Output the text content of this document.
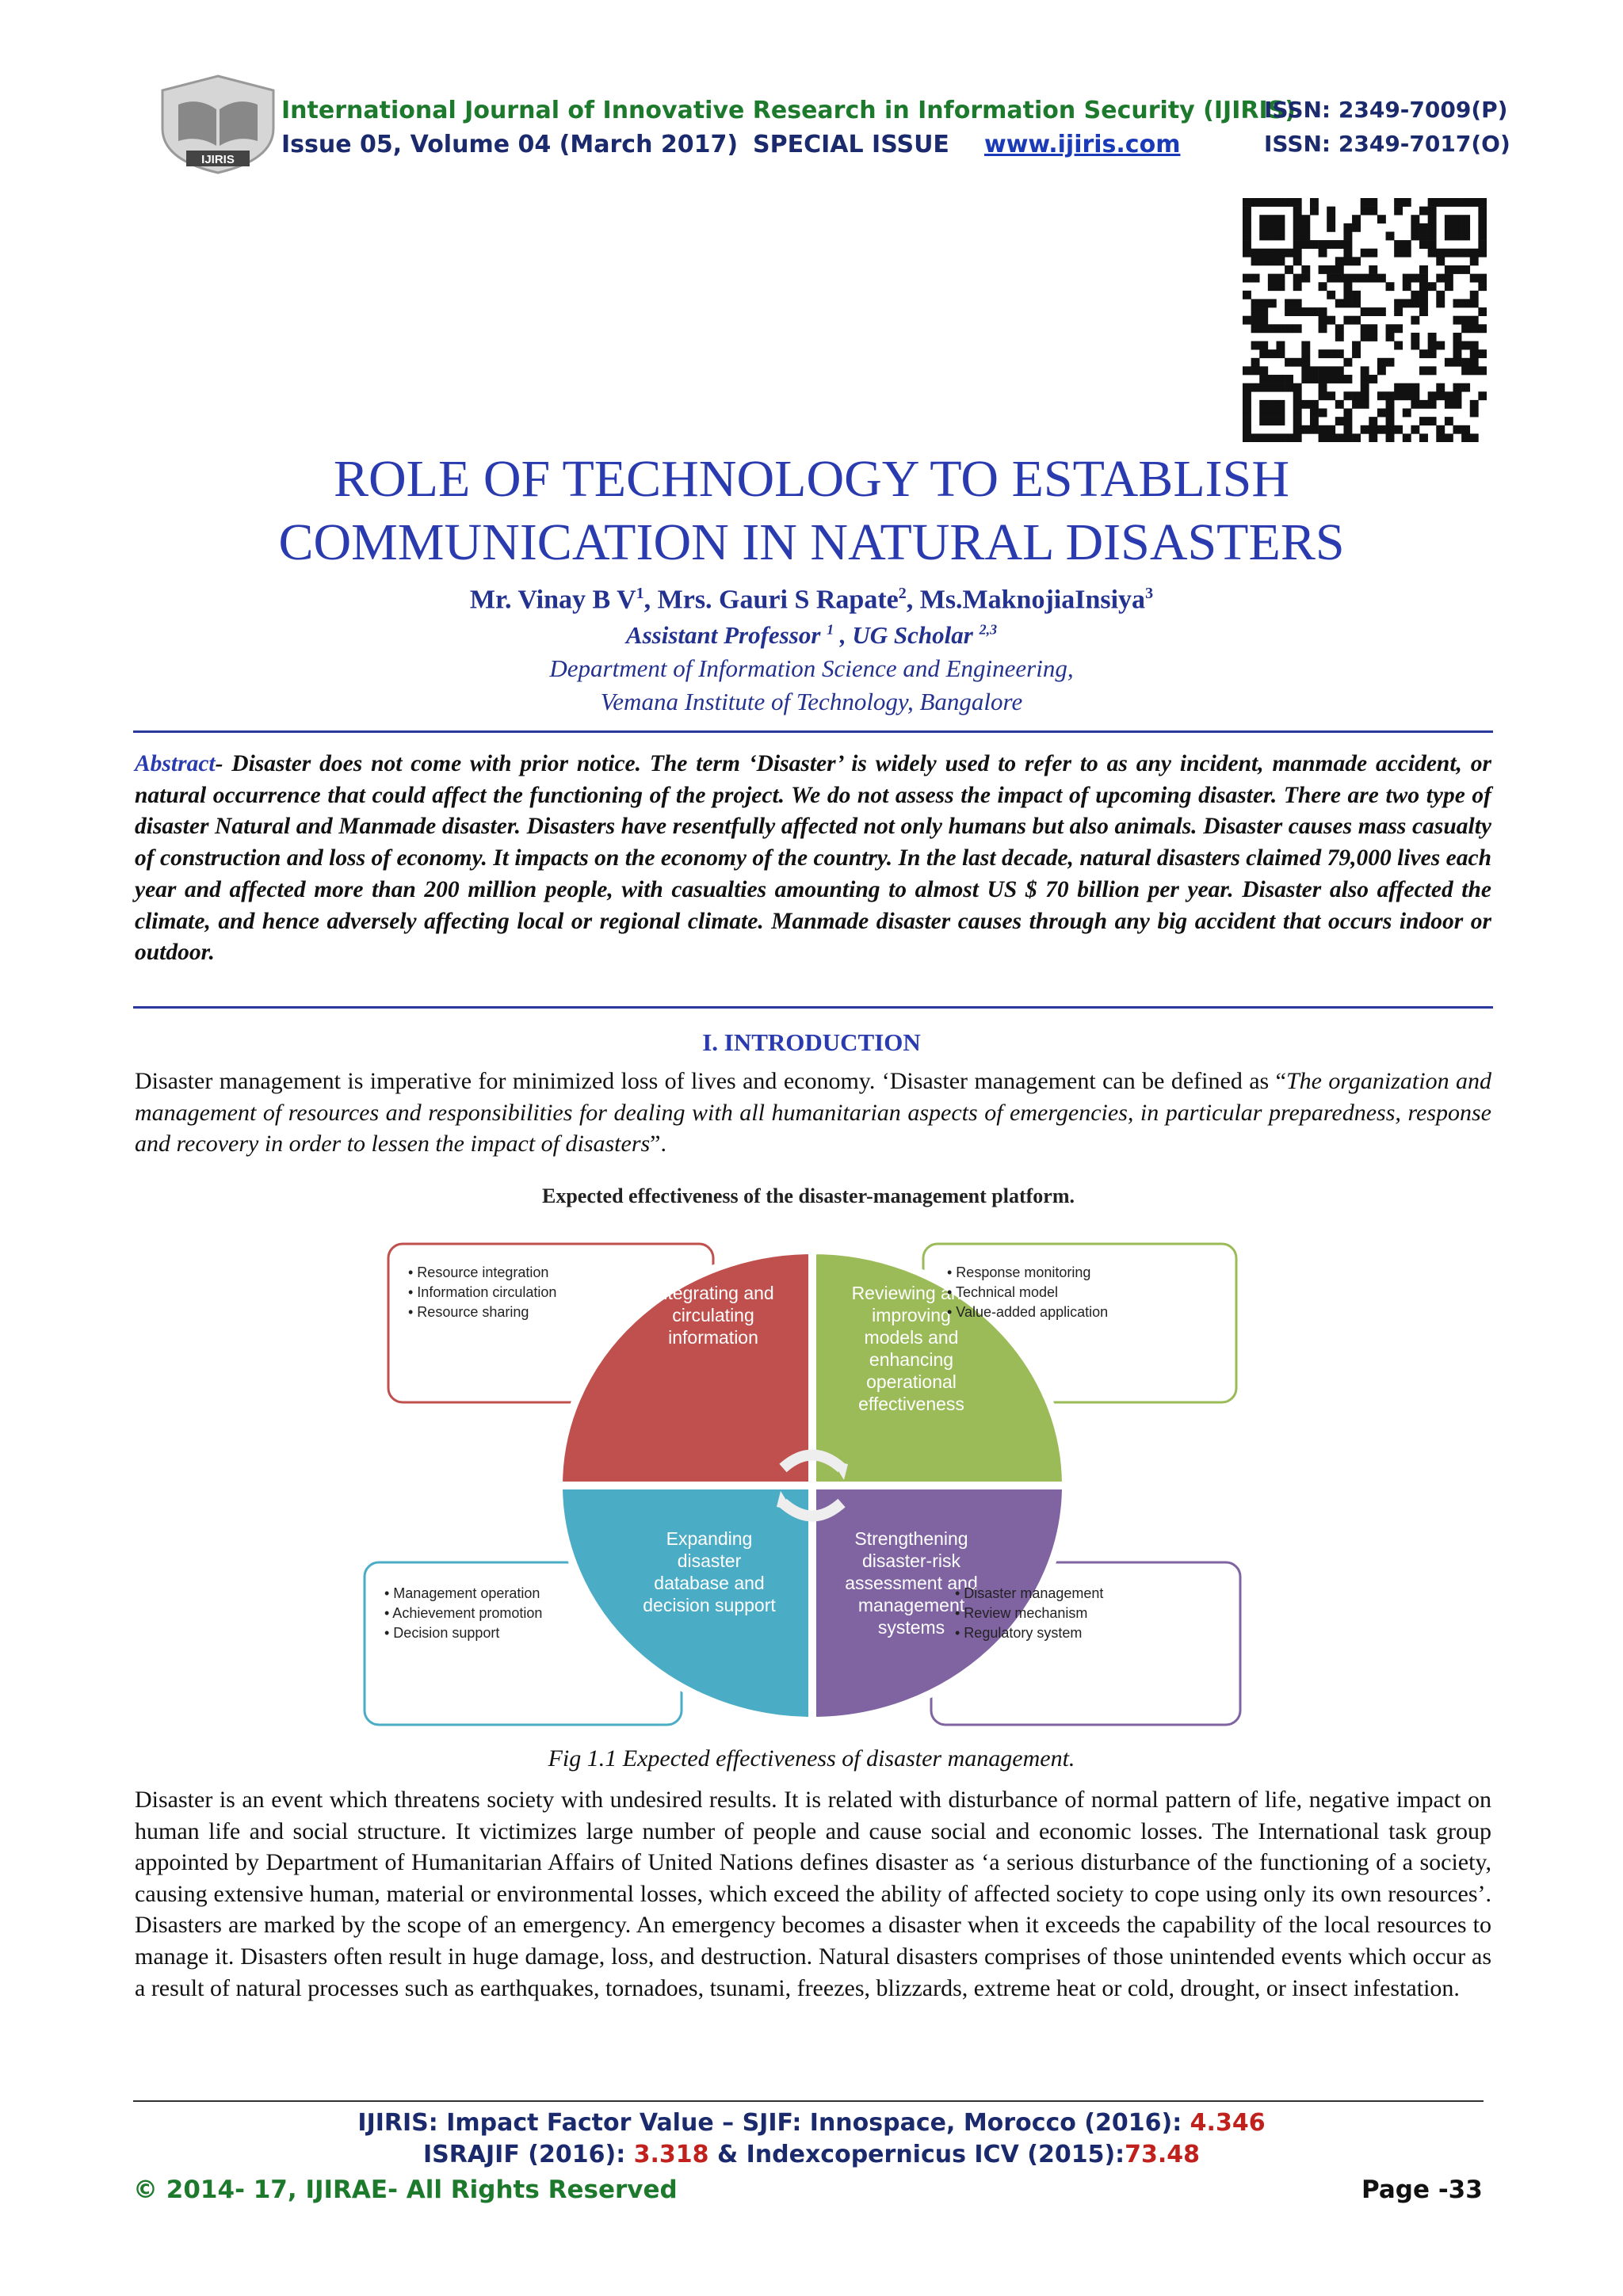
IJIRIS
International Journal of Innovative Research in Information Security (IJIRIS)
ISSN: 2349-7009(P)
Issue 05, Volume 04 (March 2017) SPECIAL ISSUE www.ijiris.com	ISSN: 2349-7017(O)
ROLE OF TECHNOLOGY TO ESTABLISH
COMMUNICATION IN NATURAL DISASTERS
Mr. Vinay B $V^1$, Mrs. Gauri S Rapate$^2$, Ms.MaknojiaInsiya$^3$
Assistant Professor $^1$ , UG Scholar $^{2,3}$
Department of Information Science and Engineering,
Vemana Institute of Technology, Bangalore
Abstract- Disaster does not come with prior notice. The term ‘Disaster’ is widely used to refer to as any incident, manmade accident, or natural occurrence that could affect the functioning of the project. We do not assess the impact of upcoming disaster. There are two type of disaster Natural and Manmade disaster. Disasters have resentfully affected not only humans but also animals. Disaster causes mass casualty of construction and loss of economy. It impacts on the economy of the country. In the last decade, natural disasters claimed 79,000 lives each year and affected more than 200 million people, with casualties amounting to almost US $ 70 billion per year. Disaster also affected the climate, and hence adversely affecting local or regional climate. Manmade disaster causes through any big accident that occurs indoor or outdoor.
I. INTRODUCTION
Disaster management is imperative for minimized loss of lives and economy. ‘Disaster management can be defined as “The organization and management of resources and responsibilities for dealing with all humanitarian aspects of emergencies, in particular preparedness, response and recovery in order to lessen the impact of disasters”.
Expected effectiveness of the disaster-management platform.
Integrating and
circulating
information
Reviewing and
improving
models and
enhancing
operational
effectiveness
Expanding
disaster
database and
decision support
Strengthening
disaster-risk
assessment and
management
systems
• Resource integration
• Information circulation
• Resource sharing
• Response monitoring
• Technical model
• Value-added application
• Management operation
• Achievement promotion
• Decision support
• Disaster management
• Review mechanism
• Regulatory system
Fig 1.1 Expected effectiveness of disaster management.
Disaster is an event which threatens society with undesired results. It is related with disturbance of normal pattern of life, negative impact on human life and social structure. It victimizes large number of people and cause social and economic losses. The International task group appointed by Department of Humanitarian Affairs of United Nations defines disaster as ‘a serious disturbance of the functioning of a society, causing extensive human, material or environmental losses, which exceed the ability of affected society to cope using only its own resources’. Disasters are marked by the scope of an emergency. An emergency becomes a disaster when it exceeds the capability of the local resources to manage it. Disasters often result in huge damage, loss, and destruction. Natural disasters comprises of those unintended events which occur as a result of natural processes such as earthquakes, tornadoes, tsunami, freezes, blizzards, extreme heat or cold, drought, or insect infestation.
IJIRIS: Impact Factor Value – SJIF: Innospace, Morocco (2016): 4.346
ISRAJIF (2016): 3.318 & Indexcopernicus ICV (2015):73.48
© 2014- 17, IJIRAE- All Rights Reserved	Page -33
